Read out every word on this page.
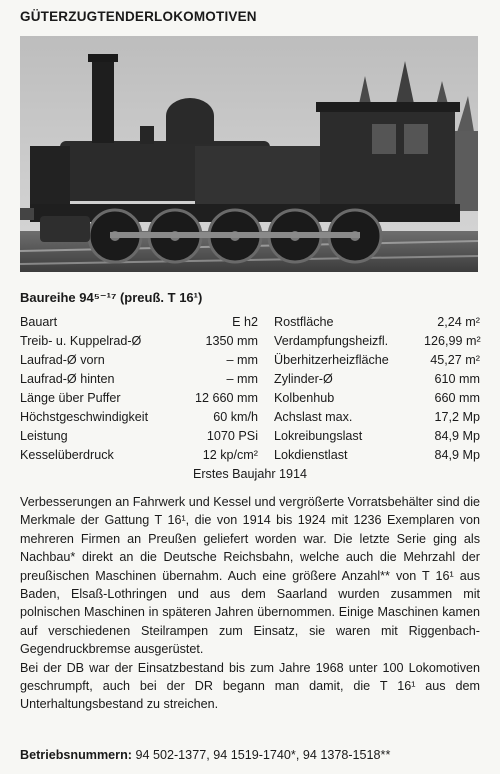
GÜTERZUGTENDERLOKOMOTIVEN
Baureihe 94⁵⁻¹⁷ (preuß. T 16¹)
Bauart	E h2	Rostfläche	2,24 m²
Treib- u. Kuppelrad-Ø	1350 mm	Verdampfungsheizfl.	126,99 m²
Laufrad-Ø vorn	– mm	Überhitzerheizfläche	45,27 m²
Laufrad-Ø hinten	– mm	Zylinder-Ø	610 mm
Länge über Puffer	12 660 mm	Kolbenhub	660 mm
Höchstgeschwindigkeit	60 km/h	Achslast max.	17,2 Mp
Leistung	1070 PSi	Lokreibungslast	84,9 Mp
Kesselüberdruck	12 kp/cm²	Lokdienstlast	84,9 Mp
Erstes Baujahr 1914

Verbesserungen an Fahrwerk und Kessel und vergrößerte Vorratsbehälter sind die Merkmale der Gattung T 16¹, die von 1914 bis 1924 mit 1236 Exemplaren von mehreren Firmen an Preußen geliefert worden war. Die letzte Serie ging als Nachbau* direkt an die Deutsche Reichsbahn, welche auch die Mehrzahl der preußischen Maschinen übernahm. Auch eine größere Anzahl** von T 16¹ aus Baden, Elsaß-Lothringen und aus dem Saarland wurden zusammen mit polnischen Maschinen in späteren Jahren übernommen. Einige Maschinen kamen auf verschiedenen Steilrampen zum Einsatz, sie waren mit Riggenbach-Gegendruckbremse ausgerüstet.

Bei der DB war der Einsatzbestand bis zum Jahre 1968 unter 100 Lokomotiven geschrumpft, auch bei der DR begann man damit, die T 16¹ aus dem Unterhaltungsbestand zu streichen.

Betriebsnummern: 94 502-1377, 94 1519-1740*, 94 1378-1518**
